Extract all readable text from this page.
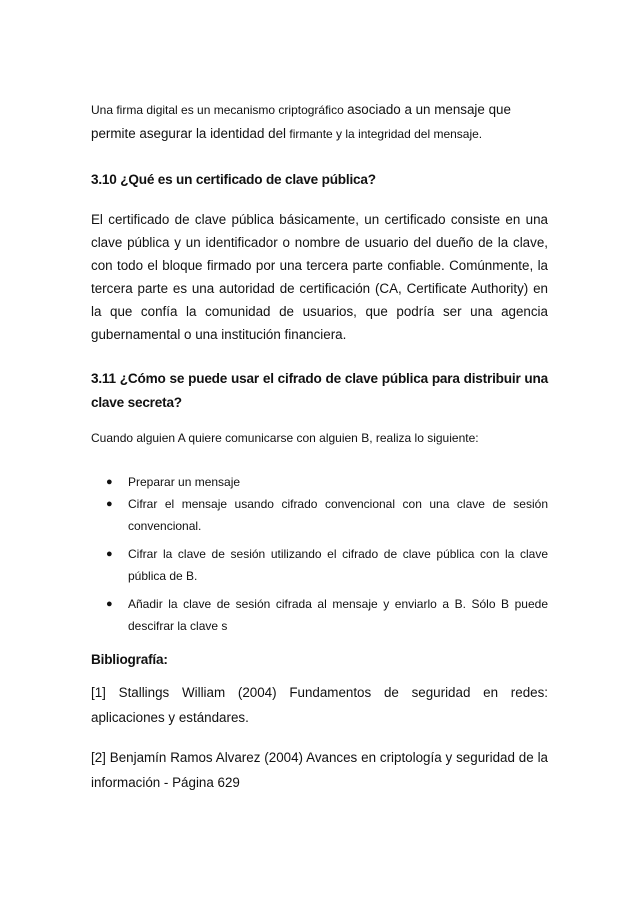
Una firma digital es un mecanismo criptográfico asociado a un mensaje que permite asegurar la identidad del firmante y la integridad del mensaje.

3.10 ¿Qué es un certificado de clave pública?

El certificado de clave pública básicamente, un certificado consiste en una clave pública y un identificador o nombre de usuario del dueño de la clave, con todo el bloque firmado por una tercera parte confiable. Comúnmente, la tercera parte es una autoridad de certificación (CA, Certificate Authority) en la que confía la comunidad de usuarios, que podría ser una agencia gubernamental o una institución financiera.

3.11 ¿Cómo se puede usar el cifrado de clave pública para distribuir una clave secreta?

Cuando alguien A quiere comunicarse con alguien B, realiza lo siguiente:

● Preparar un mensaje
● Cifrar el mensaje usando cifrado convencional con una clave de sesión convencional.
● Cifrar la clave de sesión utilizando el cifrado de clave pública con la clave pública de B.
● Añadir la clave de sesión cifrada al mensaje y enviarlo a B. Sólo B puede descifrar la clave s
Bibliografía:

[1] Stallings William (2004) Fundamentos de seguridad en redes: aplicaciones y estándares.

[2] Benjamín Ramos Alvarez (2004) Avances en criptología y seguridad de la información - Página 629
